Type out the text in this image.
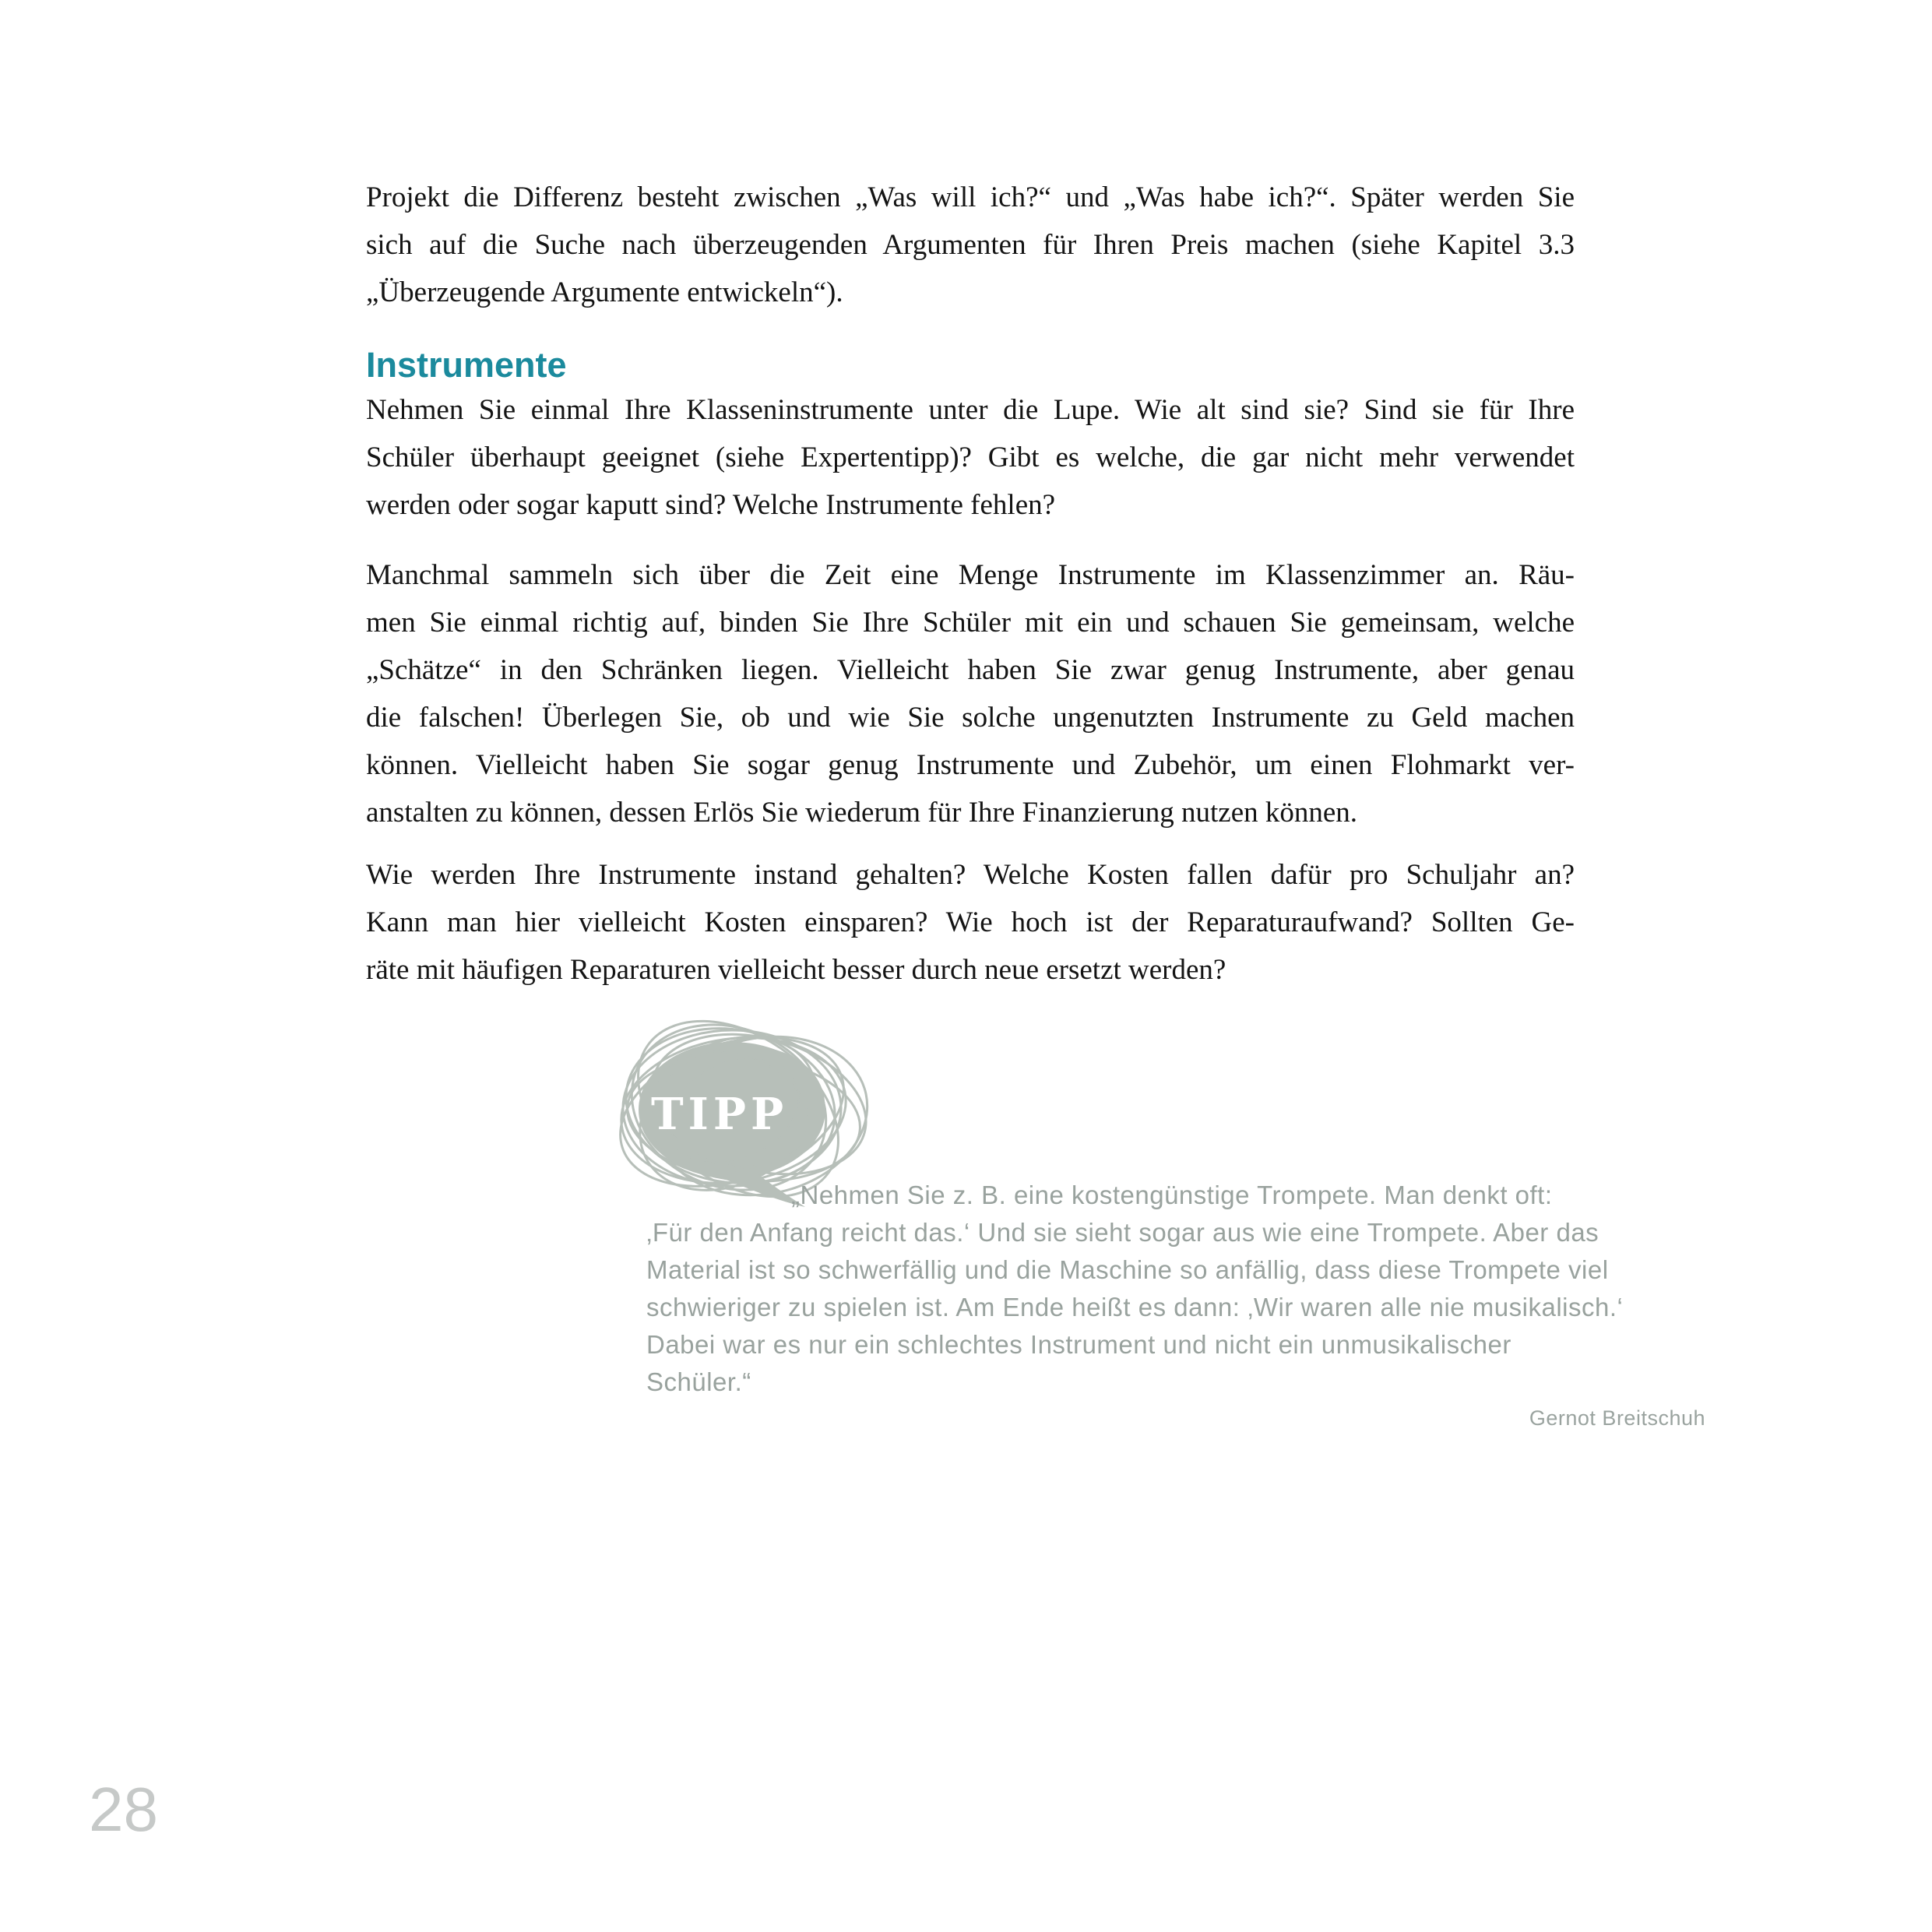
Projekt die Differenz besteht zwischen „Was will ich?“ und „Was habe ich?“. Später werden Sie
sich auf die Suche nach überzeugenden Argumenten für Ihren Preis machen (siehe Kapitel 3.3
„Überzeugende Argumente entwickeln“).
Instrumente
Nehmen Sie einmal Ihre Klasseninstrumente unter die Lupe. Wie alt sind sie? Sind sie für Ihre
Schüler überhaupt geeignet (siehe Expertentipp)? Gibt es welche, die gar nicht mehr verwendet
werden oder sogar kaputt sind? Welche Instrumente fehlen?
Manchmal sammeln sich über die Zeit eine Menge Instrumente im Klassenzimmer an. Räu-
men Sie einmal richtig auf, binden Sie Ihre Schüler mit ein und schauen Sie gemeinsam, welche
„Schätze“ in den Schränken liegen. Vielleicht haben Sie zwar genug Instrumente, aber genau
die falschen! Überlegen Sie, ob und wie Sie solche ungenutzten Instrumente zu Geld machen
können. Vielleicht haben Sie sogar genug Instrumente und Zubehör, um einen Flohmarkt ver-
anstalten zu können, dessen Erlös Sie wiederum für Ihre Finanzierung nutzen können.
Wie werden Ihre Instrumente instand gehalten? Welche Kosten fallen dafür pro Schuljahr an?
Kann man hier vielleicht Kosten einsparen? Wie hoch ist der Reparaturaufwand? Sollten Ge-
räte mit häufigen Reparaturen vielleicht besser durch neue ersetzt werden?
TIPP
„Nehmen Sie z. B. eine kostengünstige Trompete. Man denkt oft:
‚Für den Anfang reicht das.‘ Und sie sieht sogar aus wie eine Trompete. Aber das
Material ist so schwerfällig und die Maschine so anfällig, dass diese Trompete viel
schwieriger zu spielen ist. Am Ende heißt es dann: ‚Wir waren alle nie musikalisch.‘
Dabei war es nur ein schlechtes Instrument und nicht ein unmusikalischer
Schüler.“
Gernot Breitschuh
28
